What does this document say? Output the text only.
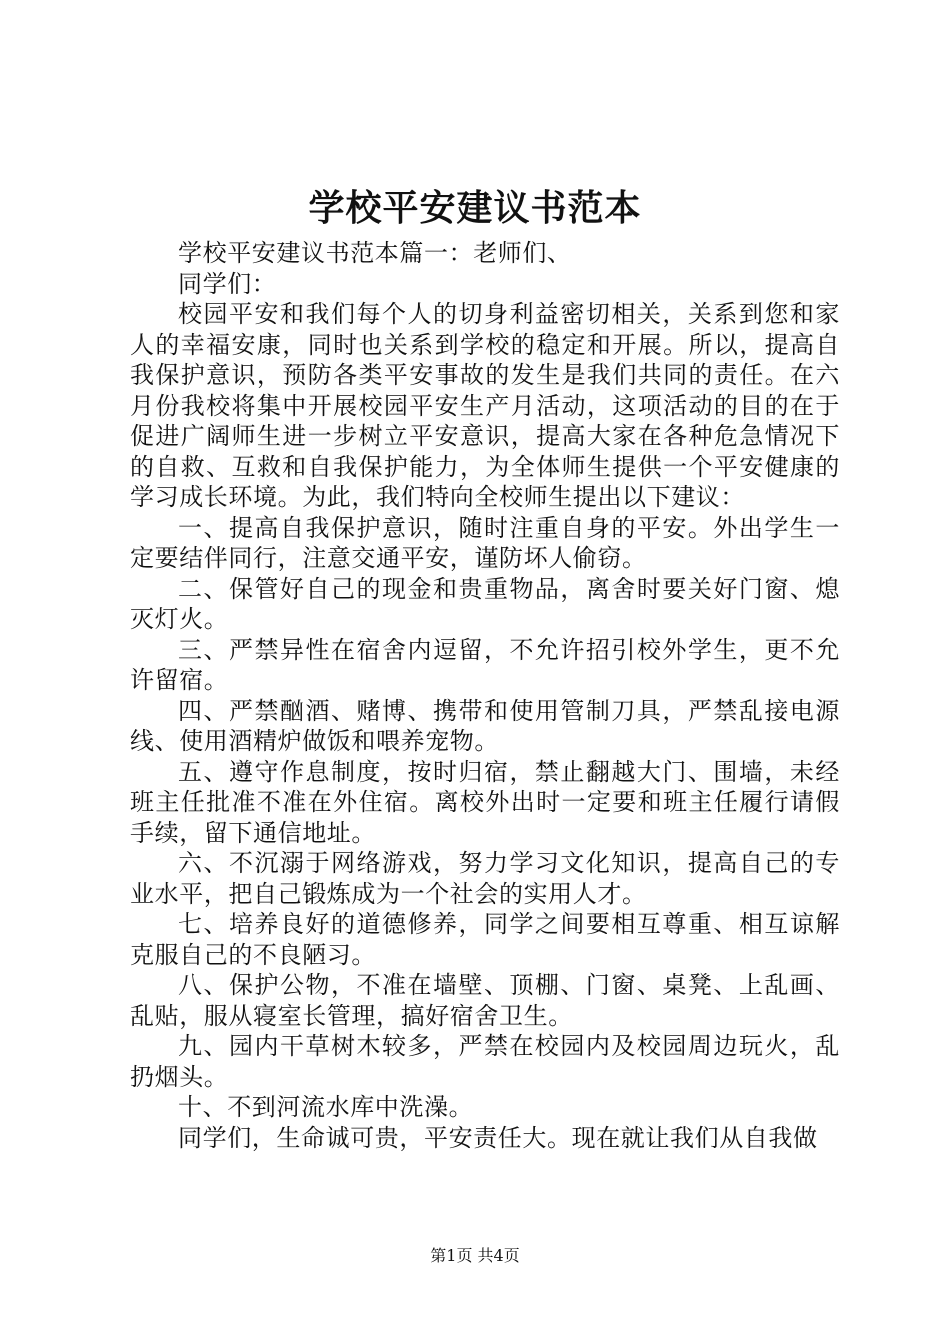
学校平安建议书范本

学校平安建议书范本篇一：老师们、

同学们：

校园平安和我们每个人的切身利益密切相关，关系到您和家人的幸福安康，同时也关系到学校的稳定和开展。所以，提高自我保护意识，预防各类平安事故的发生是我们共同的责任。在六月份我校将集中开展校园平安生产月活动，这项活动的目的在于促进广阔师生进一步树立平安意识，提高大家在各种危急情况下的自救、互救和自我保护能力，为全体师生提供一个平安健康的学习成长环境。为此，我们特向全校师生提出以下建议：

一、提高自我保护意识，随时注重自身的平安。外出学生一定要结伴同行，注意交通平安，谨防坏人偷窃。

二、保管好自己的现金和贵重物品，离舍时要关好门窗、熄灭灯火。

三、严禁异性在宿舍内逗留，不允许招引校外学生，更不允许留宿。

四、严禁酗酒、赌博、携带和使用管制刀具，严禁乱接电源线、使用酒精炉做饭和喂养宠物。

五、遵守作息制度，按时归宿，禁止翻越大门、围墙，未经班主任批准不准在外住宿。离校外出时一定要和班主任履行请假手续，留下通信地址。

六、不沉溺于网络游戏，努力学习文化知识，提高自己的专业水平，把自己锻炼成为一个社会的实用人才。

七、培养良好的道德修养，同学之间要相互尊重、相互谅解克服自己的不良陋习。

八、保护公物，不准在墙壁、顶棚、门窗、桌凳、上乱画、乱贴，服从寝室长管理，搞好宿舍卫生。

九、园内干草树木较多，严禁在校园内及校园周边玩火，乱扔烟头。

十、不到河流水库中洗澡。

同学们，生命诚可贵，平安责任大。现在就让我们从自我做

第1页 共4页
